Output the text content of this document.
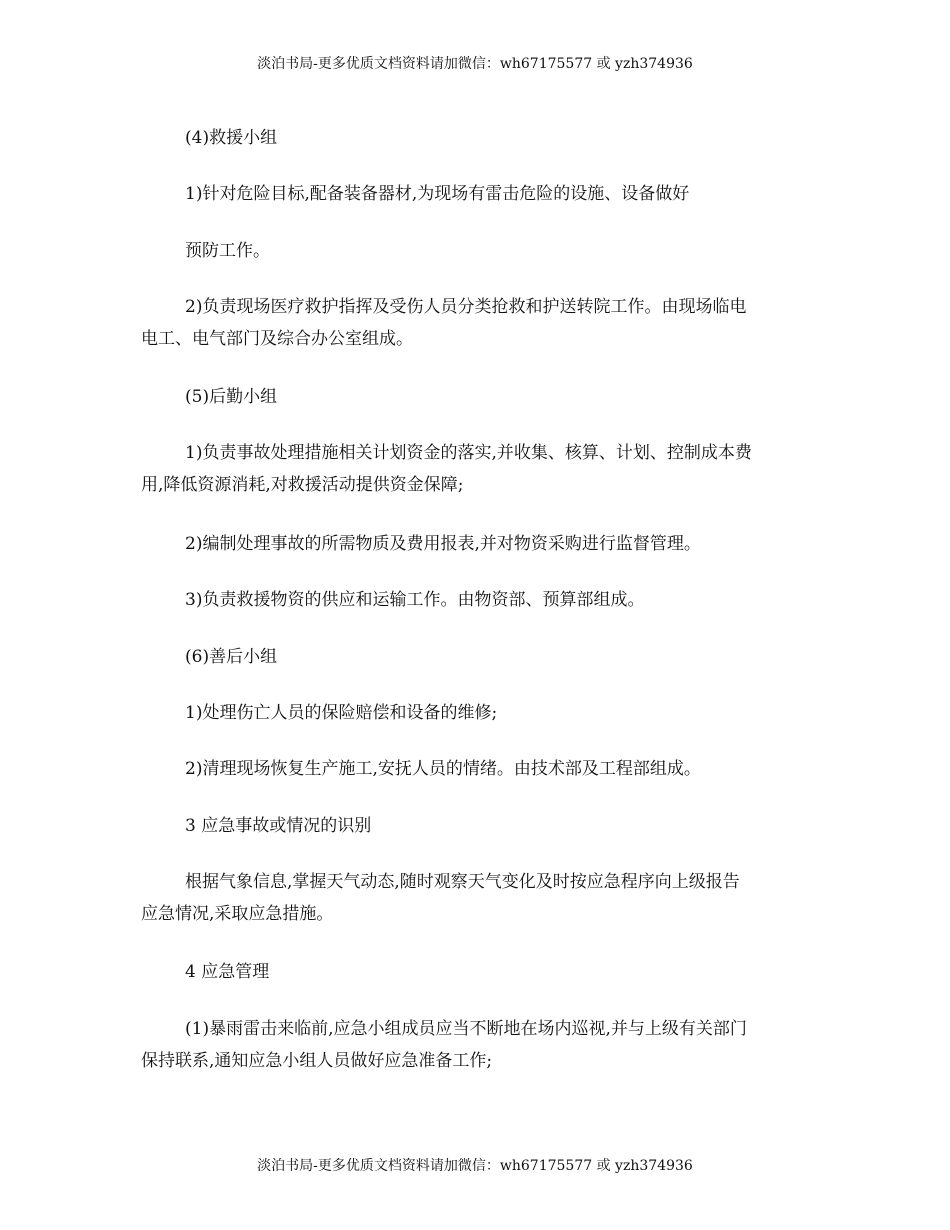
淡泊书局-更多优质文档资料请加微信：wh67175577 或 yzh374936
(4)救援小组
1)针对危险目标,配备装备器材,为现场有雷击危险的设施、设备做好
预防工作。
2)负责现场医疗救护指挥及受伤人员分类抢救和护送转院工作。由现场临电
电工、电气部门及综合办公室组成。
(5)后勤小组
1)负责事故处理措施相关计划资金的落实,并收集、核算、计划、控制成本费
用,降低资源消耗,对救援活动提供资金保障;
2)编制处理事故的所需物质及费用报表,并对物资采购进行监督管理。
3)负责救援物资的供应和运输工作。由物资部、预算部组成。
(6)善后小组
1)处理伤亡人员的保险赔偿和设备的维修;
2)清理现场恢复生产施工,安抚人员的情绪。由技术部及工程部组成。
3 应急事故或情况的识别
根据气象信息,掌握天气动态,随时观察天气变化及时按应急程序向上级报告
应急情况,采取应急措施。
4 应急管理
(1)暴雨雷击来临前,应急小组成员应当不断地在场内巡视,并与上级有关部门
保持联系,通知应急小组人员做好应急准备工作;
淡泊书局-更多优质文档资料请加微信：wh67175577 或 yzh374936
